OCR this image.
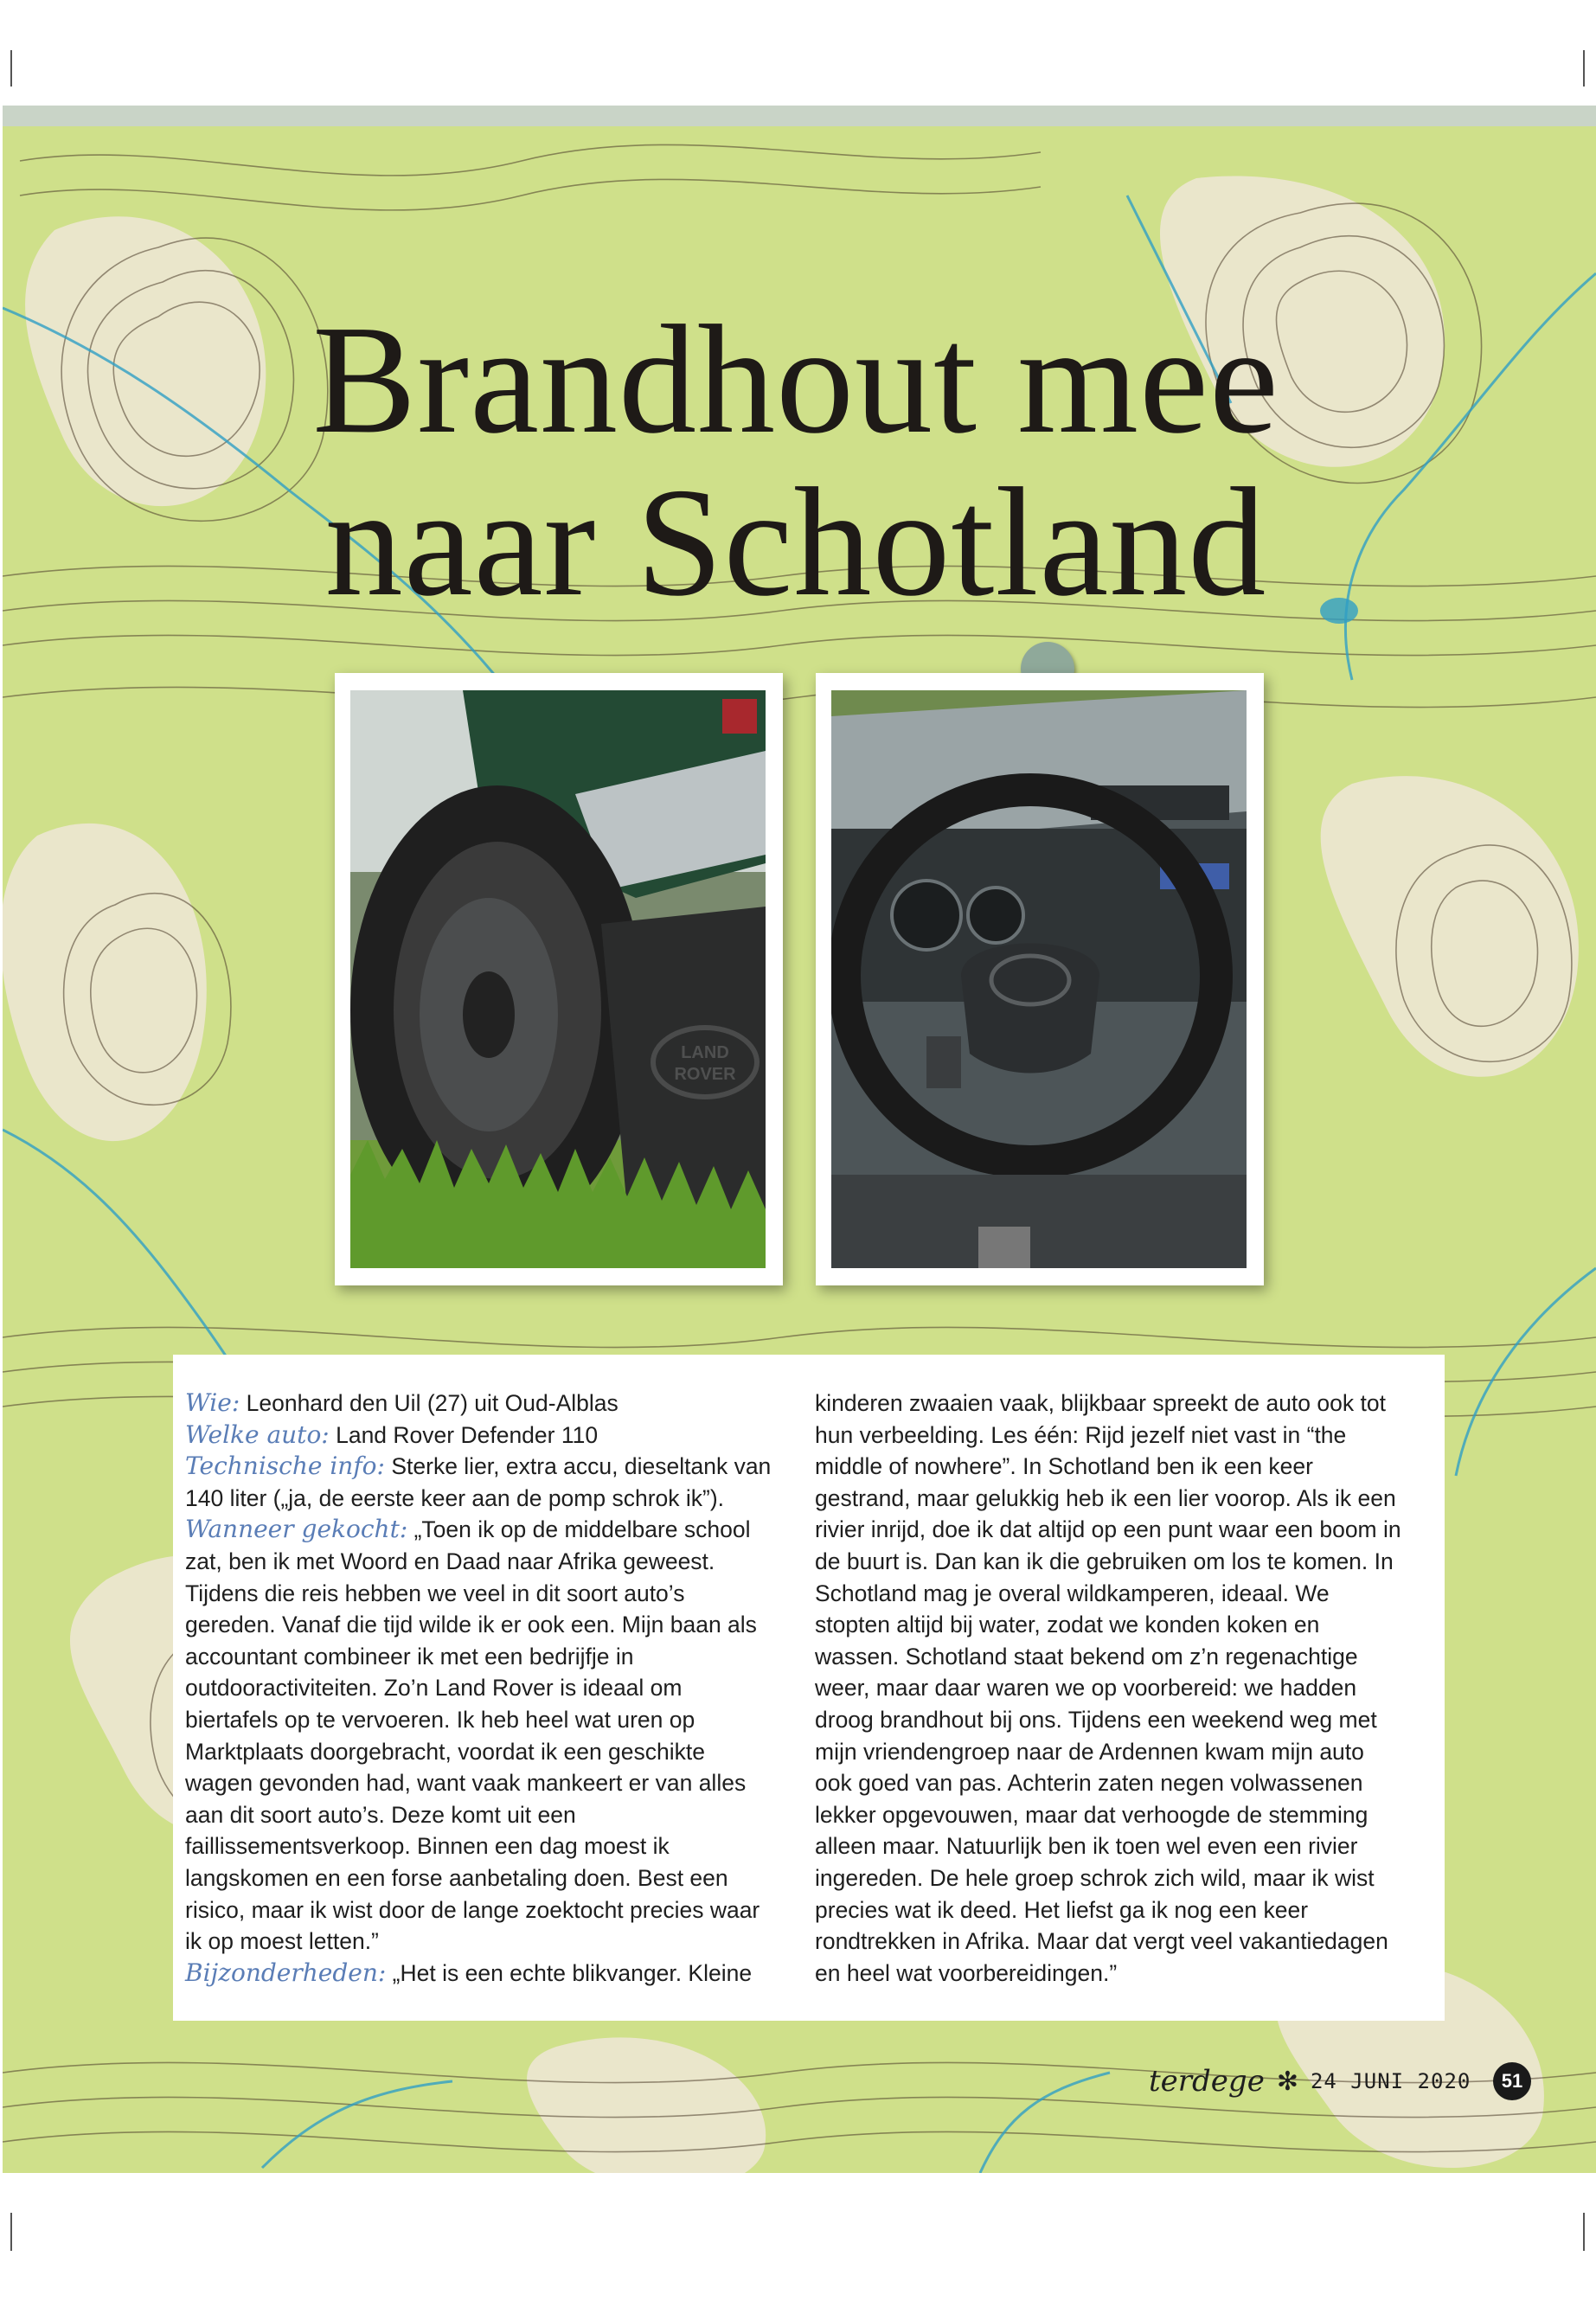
Brandhout mee
naar Schotland
LAND
ROVER

Wie: Leonhard den Uil (27) uit Oud-Alblas
Welke auto: Land Rover Defender 110
Technische info: Sterke lier, extra accu, dieseltank van 140 liter („ja, de eerste keer aan de pomp schrok ik”).
Wanneer gekocht: „Toen ik op de middelbare school zat, ben ik met Woord en Daad naar Afrika geweest. Tijdens die reis hebben we veel in dit soort auto’s gereden. Vanaf die tijd wilde ik er ook een. Mijn baan als accountant combineer ik met een bedrijfje in outdooractiviteiten. Zo’n Land Rover is ideaal om biertafels op te vervoeren. Ik heb heel wat uren op Marktplaats doorgebracht, voordat ik een geschikte wagen gevonden had, want vaak mankeert er van alles aan dit soort auto’s. Deze komt uit een faillissementsverkoop. Binnen een dag moest ik langskomen en een forse aanbetaling doen. Best een risico, maar ik wist door de lange zoektocht precies waar ik op moest letten.”
Bijzonderheden: „Het is een echte blikvanger. Kleine

kinderen zwaaien vaak, blijkbaar spreekt de auto ook tot hun verbeelding. Les één: Rijd jezelf niet vast in “the middle of nowhere”. In Schotland ben ik een keer gestrand, maar gelukkig heb ik een lier voorop. Als ik een rivier inrijd, doe ik dat altijd op een punt waar een boom in de buurt is. Dan kan ik die gebruiken om los te komen. In Schotland mag je overal wildkamperen, ideaal. We stopten altijd bij water, zodat we konden koken en wassen. Schotland staat bekend om z’n regenachtige weer, maar daar waren we op voorbereid: we hadden droog brandhout bij ons. Tijdens een weekend weg met mijn vriendengroep naar de Ardennen kwam mijn auto ook goed van pas. Achterin zaten negen volwassenen lekker opgevouwen, maar dat verhoogde de stemming alleen maar. Natuurlijk ben ik toen wel even een rivier ingereden. De hele groep schrok zich wild, maar ik wist precies wat ik deed. Het liefst ga ik nog een keer rondtrekken in Afrika. Maar dat vergt veel vakantiedagen en heel wat voorbereidingen.”

terdege ✻ 24 JUNI 2020	51
